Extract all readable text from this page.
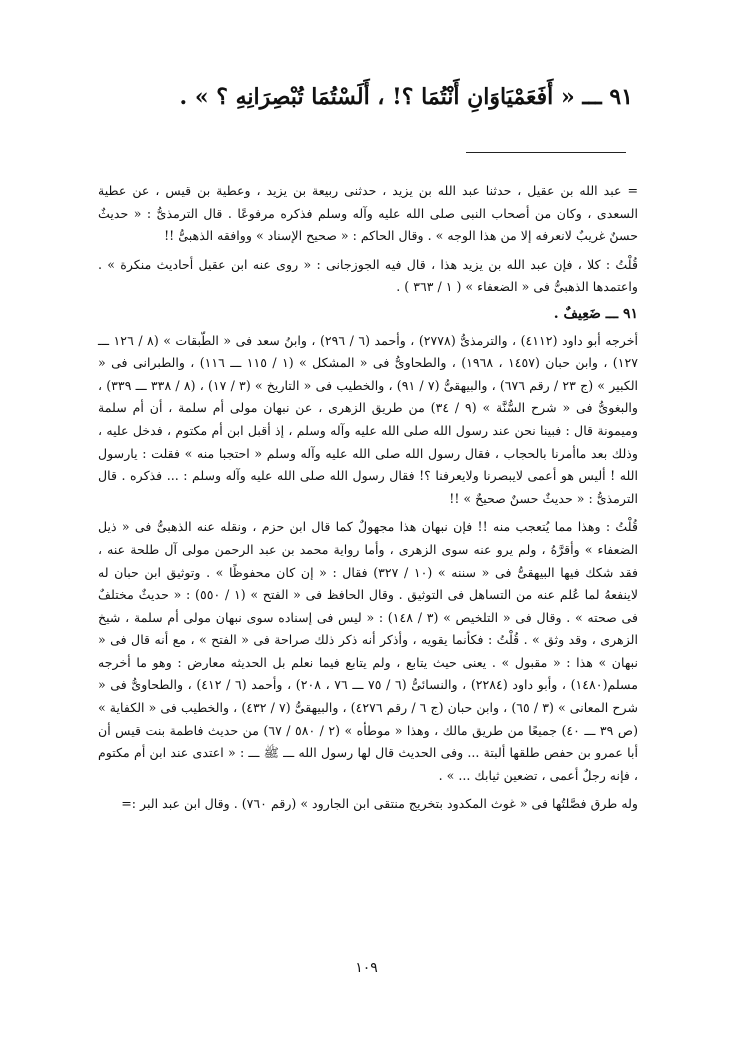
٩١ ـــ « أَفَعَمْيَاوَانِ أَنْتُمَا ؟! ، أَلَسْتُمَا تُبْصِرَانِهِ ؟ » .

= عبد الله بن عقيل ، حدثنا عبد الله بن يزيد ، حدثنى ربيعة بن يزيد ، وعطية بن قيس ، عن عطية السعدى ، وكان من أصحاب النبى صلى الله عليه وآله وسلم فذكره مرفوعًا . قال الترمذىُّ : « حديثٌ حسنٌ غريبٌ لانعرفه إلا من هذا الوجه » . وقال الحاكم : « صحيح الإسناد » ووافقه الذهبىُّ !!

قُلْتُ : كلا ، فإن عبد الله بن يزيد هذا ، قال فيه الجوزجانى : « روى عنه ابن عقيل أحاديث منكرة » . واعتمدها الذهبىُّ فى « الضعفاء » ( ١ / ٣٦٣ ) .

٩١ ـــ ضَعِيفٌ .

أخرجه أبو داود (٤١١٢) ، والترمذىُّ (٢٧٧٨) ، وأحمد (٦ / ٢٩٦) ، وابنُ سعد فى « الطّبقات » (٨ / ١٢٦ ـــ ١٢٧) ، وابن حبان (١٤٥٧ ، ١٩٦٨) ، والطحاوىُّ فى « المشكل » (١ / ١١٥ ـــ ١١٦) ، والطبرانى فى « الكبير » (ج ٢٣ / رقم ٦٧٦) ، والبيهقىُّ (٧ / ٩١) ، والخطيب فى « التاريخ » (٣ / ١٧) ، (٨ / ٣٣٨ ـــ ٣٣٩) ، والبغوىُّ فى « شرح السُّنَّة » (٩ / ٣٤) من طريق الزهرى ، عن نبهان مولى أم سلمة ، أن أم سلمة وميمونة قال : فبينا نحن عند رسول الله صلى الله عليه وآله وسلم ، إذ أقبل ابن أم مكتوم ، فدخل عليه ، وذلك بعد ماأمرنا بالحجاب ، فقال رسول الله صلى الله عليه وآله وسلم « احتجبا منه » فقلت : يارسول الله ! أليس هو أعمى لايبصرنا ولايعرفنا ؟! فقال رسول الله صلى الله عليه وآله وسلم : ... فذكره . قال الترمذىُّ : « حديثٌ حسنٌ صحيحٌ » !!

قُلْتُ : وهذا مما يُتعجب منه !! فإن نبهان هذا مجهولٌ كما قال ابن حزم ، ونقله عنه الذهبىُّ فى « ذيل الضعفاء » وأقرَّهُ ، ولم يرو عنه سوى الزهرى ، وأما رواية محمد بن عبد الرحمن مولى آل طلحة عنه ، فقد شكك فيها البيهقىُّ فى « سننه » (١٠ / ٣٢٧) فقال : « إن كان محفوظًا » . وتوثيق ابن حبان له لاينفعهُ لما عُلم عنه من التساهل فى التوثيق . وقال الحافظ فى « الفتح » (١ / ٥٥٠) : « حديثٌ مختلفٌ فى صحته » . وقال فى « التلخيص » (٣ / ١٤٨) : « ليس فى إسناده سوى نبهان مولى أم سلمة ، شيخ الزهرى ، وقد وثق » . قُلْتُ : فكأنما يقويه ، وأذكر أنه ذكر ذلك صراحة فى « الفتح » ، مع أنه قال فى « نبهان » هذا : « مقبول » . يعنى حيث يتابع ، ولم يتابع فيما نعلم بل الحديثه معارض : وهو ما أخرجه مسلم(١٤٨٠) ، وأبو داود (٢٢٨٤) ، والنسائىُّ (٦ / ٧٥ ـــ ٧٦ ، ٢٠٨) ، وأحمد (٦ / ٤١٢) ، والطحاوىُّ فى « شرح المعانى » (٣ / ٦٥) ، وابن حبان (ج ٦ / رقم ٤٢٧٦) ، والبيهقىُّ (٧ / ٤٣٢) ، والخطيب فى « الكفاية » (ص ٣٩ ـــ ٤٠) جميعًا من طريق مالك ، وهذا « موطأه » (٢ / ٥٨٠ / ٦٧) من حديث فاطمة بنت قيس أن أبا عمرو بن حفص طلقها ألبتة ... وفى الحديث قال لها رسول الله ـــ ﷺ ـــ : « اعتدى عند ابن أم مكتوم ، فإنه رجلٌ أعمى ، تضعين ثيابك ... » .

وله طرق فصَّلتُها فى « غوث المكدود بتخريج منتقى ابن الجارود » (رقم ٧٦٠) . وقال ابن عبد البر :=

١٠٩
